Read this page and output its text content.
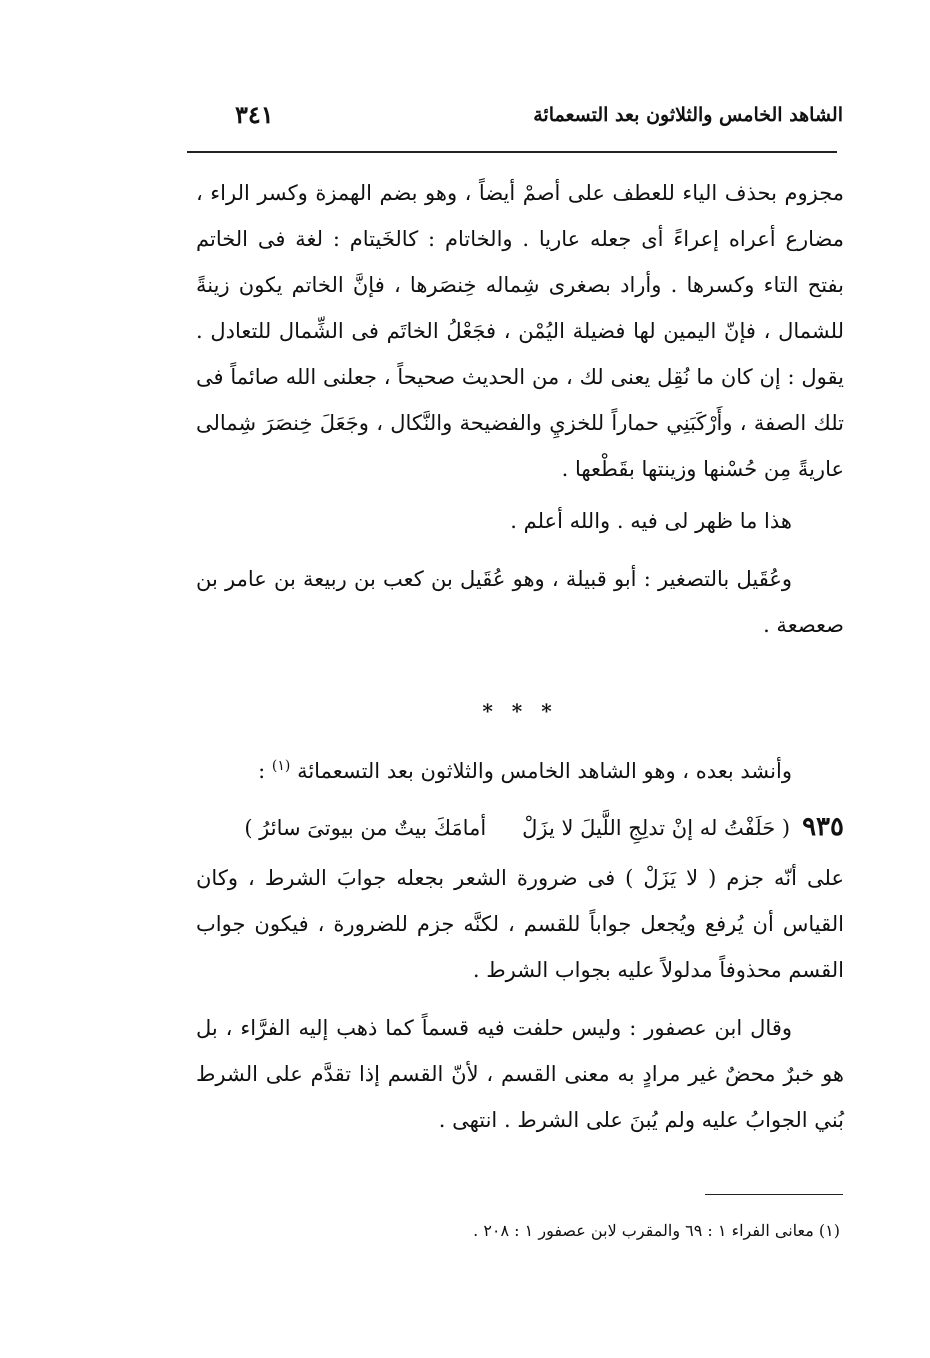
الشاهد الخامس والثلاثون بعد التسعمائة
٣٤١

مجزوم بحذف الياء للعطف على أصمْ أيضاً ، وهو بضم الهمزة وكسر الراء ، مضارع أعراه إعراءً أى جعله عاريا . والخاتام : كالخَيتام : لغة فى الخاتم بفتح التاء وكسرها . وأراد بصغرى شِماله خِنصَرها ، فإنَّ الخاتم يكون زينةً للشمال ، فإنّ اليمين لها فضيلة اليُمْن ، فجَعْلُ الخاتَم فى الشِّمال للتعادل . يقول : إن كان ما نُقِل يعنى لك ، من الحديث صحيحاً ، جعلنى الله صائماً فى تلك الصفة ، وأَرْكَبَنِي حماراً للخزيِ والفضيحة والنَّكال ، وجَعَلَ خِنصَرَ شِمالى عاريةً مِن حُسْنها وزينتها بقَطْعها .

هذا ما ظهر لى فيه . والله أعلم .

وعُقَيل بالتصغير : أبو قبيلة ، وهو عُقَيل بن كعب بن ربيعة بن عامر بن صعصعة .

* * *

وأنشد بعده ، وهو الشاهد الخامس والثلاثون بعد التسعمائة $^{(١)}$ :

٩٣٥
( حَلَفْتُ له إنْ تدلِجِ اللَّيلَ لا يزَلْ
أمامَكَ بيتٌ من بيوتىَ سائرُ )

على أنّه جزم ( لا يَزَلْ ) فى ضرورة الشعر بجعله جوابَ الشرط ، وكان القياس أن يُرفع ويُجعل جواباً للقسم ، لكنَّه جزم للضرورة ، فيكون جواب القسم محذوفاً مدلولاً عليه بجواب الشرط .

وقال ابن عصفور : وليس حلفت فيه قسماً كما ذهب إليه الفرَّاء ، بل هو خبرٌ محضٌ غير مرادٍ به معنى القسم ، لأنّ القسم إذا تقدَّم على الشرط بُني الجوابُ عليه ولم يُبنَ على الشرط . انتهى .

(١) معانى الفراء ١ : ٦٩ والمقرب لابن عصفور ١ : ٢٠٨ .
